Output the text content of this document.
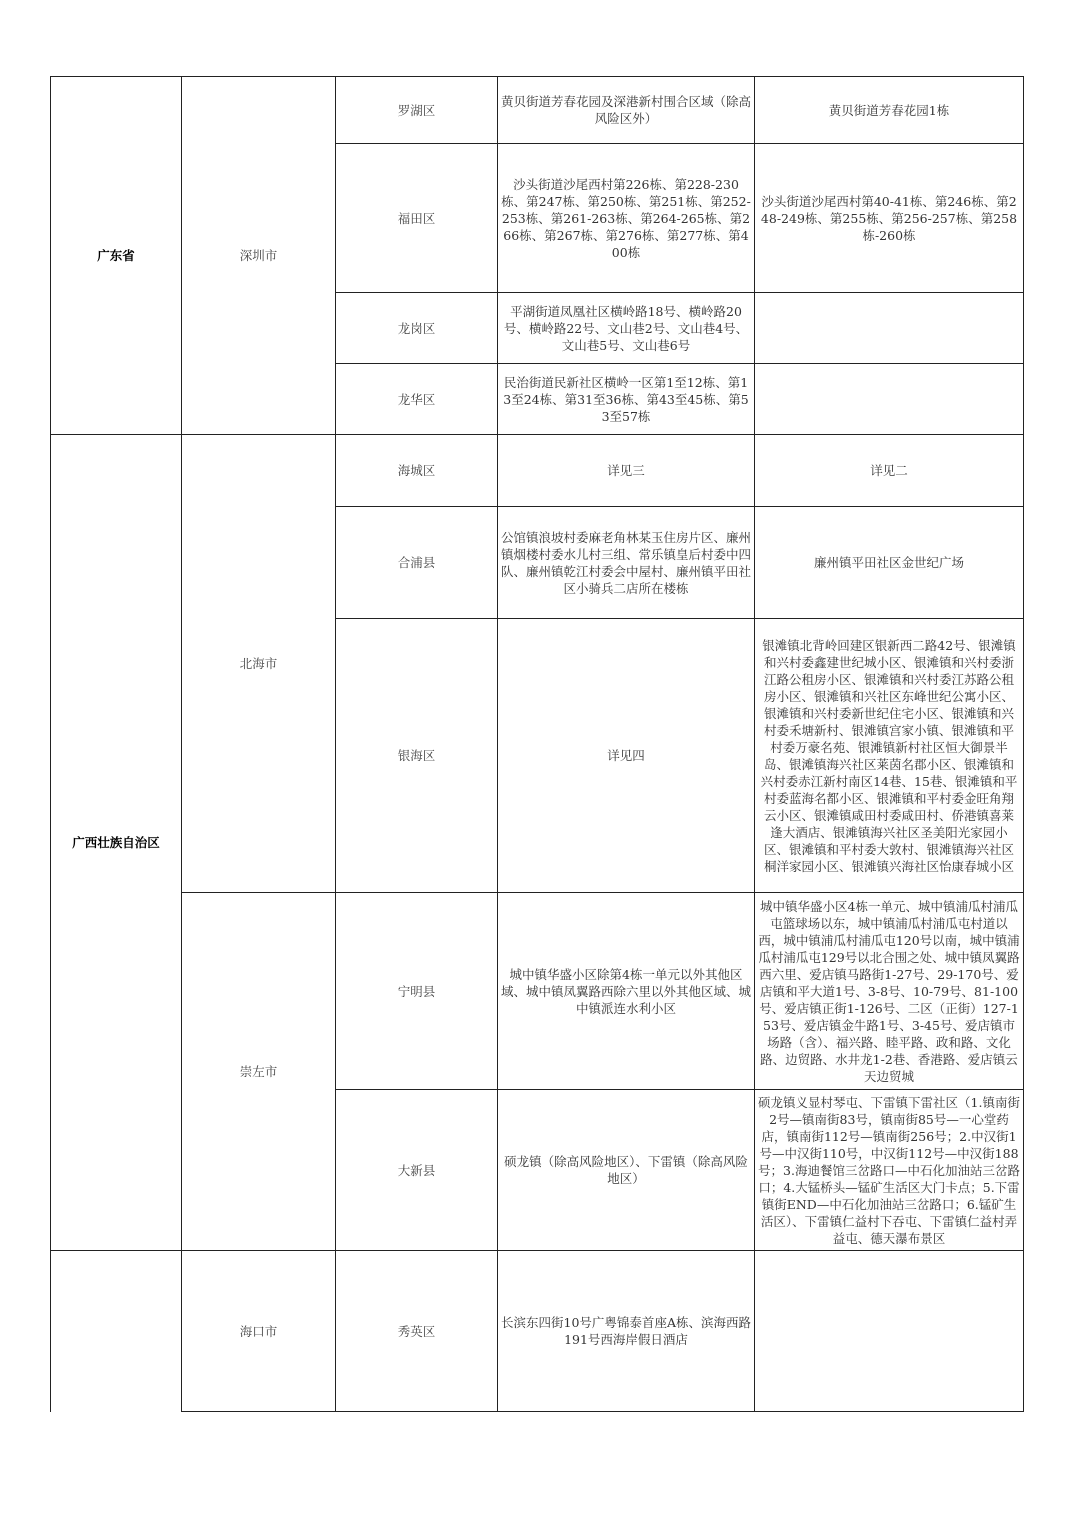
广东省	深圳市	罗湖区	黄贝街道芳春花园及深港新村围合区域（除高风险区外）	黄贝街道芳春花园1栋
		福田区	沙头街道沙尾西村第226栋、第228-230栋、第247栋、第250栋、第251栋、第252-253栋、第261-263栋、第264-265栋、第266栋、第267栋、第276栋、第277栋、第400栋	沙头街道沙尾西村第40-41栋、第246栋、第248-249栋、第255栋、第256-257栋、第258栋-260栋
		龙岗区	平湖街道凤凰社区横岭路18号、横岭路20号、横岭路22号、文山巷2号、文山巷4号、文山巷5号、文山巷6号	
		龙华区	民治街道民新社区横岭一区第1至12栋、第13至24栋、第31至36栋、第43至45栋、第53至57栋	
广西壮族自治区	北海市	海城区	详见三	详见二
		合浦县	公馆镇浪坡村委麻老角林某玉住房片区、廉州镇烟楼村委水儿村三组、常乐镇皇后村委中四队、廉州镇乾江村委会中屋村、廉州镇平田社区小骑兵二店所在楼栋	廉州镇平田社区金世纪广场
		银海区	详见四	银滩镇北背岭回建区银新西二路42号、银滩镇和兴村委鑫建世纪城小区、银滩镇和兴村委浙江路公租房小区、银滩镇和兴村委江苏路公租房小区、银滩镇和兴社区东峰世纪公寓小区、银滩镇和兴村委新世纪住宅小区、银滩镇和兴村委禾塘新村、银滩镇宫家小镇、银滩镇和平村委万豪名苑、银滩镇新村社区恒大御景半岛、银滩镇海兴社区莱茵名郡小区、银滩镇和兴村委赤江新村南区14巷、15巷、银滩镇和平村委蓝海名都小区、银滩镇和平村委金旺角翔云小区、银滩镇咸田村委咸田村、侨港镇喜莱逢大酒店、银滩镇海兴社区圣美阳光家园小区、银滩镇和平村委大敦村、银滩镇海兴社区桐洋家园小区、银滩镇兴海社区怡康春城小区
	崇左市	宁明县	城中镇华盛小区除第4栋一单元以外其他区域、城中镇凤翼路西除六里以外其他区域、城中镇派连水利小区	城中镇华盛小区4栋一单元、城中镇浦瓜村浦瓜屯篮球场以东，城中镇浦瓜村浦瓜屯村道以西，城中镇浦瓜村浦瓜屯120号以南，城中镇浦瓜村浦瓜屯129号以北合围之处、城中镇凤翼路西六里、爱店镇马路街1-27号、29-170号、爱店镇和平大道1号、3-8号、10-79号、81-100号、爱店镇正街1-126号、二区（正街）127-153号、爱店镇金牛路1号、3-45号、爱店镇市场路（含）、福兴路、睦平路、政和路、文化路、边贸路、水井龙1-2巷、香港路、爱店镇云天边贸城
		大新县	硕龙镇（除高风险地区）、下雷镇（除高风险地区）	硕龙镇义显村琴屯、下雷镇下雷社区（1.镇南街2号—镇南街83号，镇南街85号—一心堂药店，镇南街112号—镇南街256号；2.中汉街1号—中汉街110号，中汉街112号—中汉街188号；3.海迪餐馆三岔路口—中石化加油站三岔路口；4.大锰桥头—锰矿生活区大门卡点；5.下雷镇街END—中石化加油站三岔路口；6.锰矿生活区）、下雷镇仁益村下吞屯、下雷镇仁益村弄益屯、德天瀑布景区
	海口市	秀英区	长滨东四街10号广粤锦泰首座A栋、滨海西路191号西海岸假日酒店	
